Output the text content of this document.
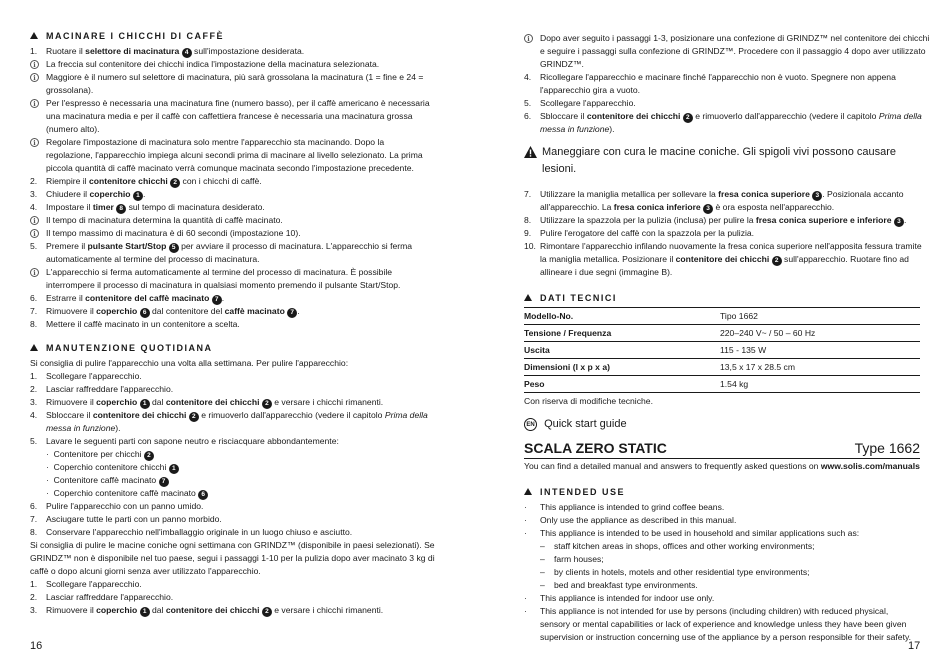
MACINARE I CHICCHI DI CAFFÈ
1.	Ruotare il selettore di macinatura 4 sull'impostazione desiderata.
i	La freccia sul contenitore dei chicchi indica l'impostazione della macinatura selezionata.
i	Maggiore è il numero sul selettore di macinatura, più sarà grossolana la macinatura (1 = fine e 24 =
grossolana).
i	Per l'espresso è necessaria una macinatura fine (numero basso), per il caffè americano è necessaria
una macinatura media e per il caffè con caffettiera francese è necessaria una macinatura grossa
(numero alto).
i	Regolare l'impostazione di macinatura solo mentre l'apparecchio sta macinando. Dopo la
regolazione, l'apparecchio impiega alcuni secondi prima di macinare al livello selezionato. La prima
piccola quantità di caffè macinato verrà comunque macinata secondo l'impostazione precedente.
2.	Riempire il contenitore chicchi 2 con i chicchi di caffè.
3.	Chiudere il coperchio 1 .
4.	Impostare il timer 8 sul tempo di macinatura desiderato.
i	Il tempo di macinatura determina la quantità di caffè macinato.
i	Il tempo massimo di macinatura è di 60 secondi (impostazione 10).
5.	Premere il pulsante Start/Stop 5 per avviare il processo di macinatura. L'apparecchio si ferma
automaticamente al termine del processo di macinatura.
i	L'apparecchio si ferma automaticamente al termine del processo di macinatura. È possibile
interrompere il processo di macinatura in qualsiasi momento premendo il pulsante Start/Stop.
6.	Estrarre il contenitore del caffè macinato 7 .
7.	Rimuovere il coperchio 6 dal contenitore del caffè macinato 7 .
8.	Mettere il caffè macinato in un contenitore a scelta.
Si consiglia di pulire l'apparecchio una volta alla settimana. Per pulire l'apparecchio:
1.	Scollegare l'apparecchio.
2.	Lasciar raffreddare l'apparecchio.
3.	Rimuovere il coperchio 1 dal contenitore dei chicchi 2 e versare i chicchi rimanenti.
4.	Sbloccare il contenitore dei chicchi 2 e rimuoverlo dall'apparecchio (vedere il capitolo Prima della
messa in funzione).
5.	Lavare le seguenti parti con sapone neutro e risciacquare abbondantemente:
·  Contenitore per chicchi 2
·  Coperchio contenitore chicchi 1
·  Contenitore caffè macinato 7
·  Coperchio contenitore caffè macinato 6
6.	Pulire l'apparecchio con un panno umido.
7.	Asciugare tutte le parti con un panno morbido.
8.	Conservare l'apparecchio nell'imballaggio originale in un luogo chiuso e asciutto.
Si consiglia di pulire le macine coniche ogni settimana con GRINDZ™ (disponibile in paesi selezionati). Se
GRINDZ™ non è disponibile nel tuo paese, segui i passaggi 1-10 per la pulizia dopo aver macinato 3 kg di
caffè o dopo alcuni giorni senza aver utilizzato l'apparecchio.
1.	Scollegare l'apparecchio.
2.	Lasciar raffreddare l'apparecchio.
3.	Rimuovere il coperchio 1 dal contenitore dei chicchi 2 e versare i chicchi rimanenti.
MANUTENZIONE QUOTIDIANA
16
i	Dopo aver seguito i passaggi 1-3, posizionare una confezione di GRINDZ™ nel contenitore dei chicchi
e seguire i passaggi sulla confezione di GRINDZ™. Procedere con il passaggio 4 dopo aver utilizzato
GRINDZ™.
4.	Ricollegare l'apparecchio e macinare finché l'apparecchio non è vuoto. Spegnere non appena
l'apparecchio gira a vuoto.
5.	Scollegare l'apparecchio.
6.	Sbloccare il contenitore dei chicchi 2 e rimuoverlo dall'apparecchio (vedere il capitolo Prima della
messa in funzione).
7.	Utilizzare la maniglia metallica per sollevare la fresa conica superiore 3 . Posizionala accanto
all'apparecchio. La fresa conica inferiore 3 è ora esposta nell'apparecchio.
8.	Utilizzare la spazzola per la pulizia (inclusa) per pulire la fresa conica superiore e inferiore 3 .
9.	Pulire l'erogatore del caffè con la spazzola per la pulizia.
10. Rimontare l'apparecchio infilando nuovamente la fresa conica superiore nell'apposita fessura tramite
la maniglia metallica. Posizionare il contenitore dei chicchi 2 sull'apparecchio. Ruotare fino ad
allineare i due segni (immagine B).
Maneggiare con cura le macine coniche. Gli spigoli vivi possono causare lesioni.
DATI TECNICI
Modello-No.	Tipo 1662
Tensione / Frequenza	220–240 V~ / 50 – 60 Hz
Uscita	115 - 135 W
Dimensioni (l x p x a)	13,5 x 17 x 28.5 cm
Peso	1.54 kg
Con riserva di modifiche tecniche.
EN Quick start guide
SCALA ZERO STATIC	Type 1662
You can find a detailed manual and answers to frequently asked questions on www.solis.com/manuals
INTENDED USE
·	This appliance is intended to grind coffee beans.
·	Only use the appliance as described in this manual.
·	This appliance is intended to be used in household and similar applications such as:
–	staff kitchen areas in shops, offices and other working environments;
–	farm houses;
–	by clients in hotels, motels and other residential type environments;
–	bed and breakfast type environments.
·	This appliance is intended for indoor use only.
·	This appliance is not intended for use by persons (including children) with reduced physical,
sensory or mental capabilities or lack of experience and knowledge unless they have been given
supervision or instruction concerning use of the appliance by a person responsible for their safety.
17
